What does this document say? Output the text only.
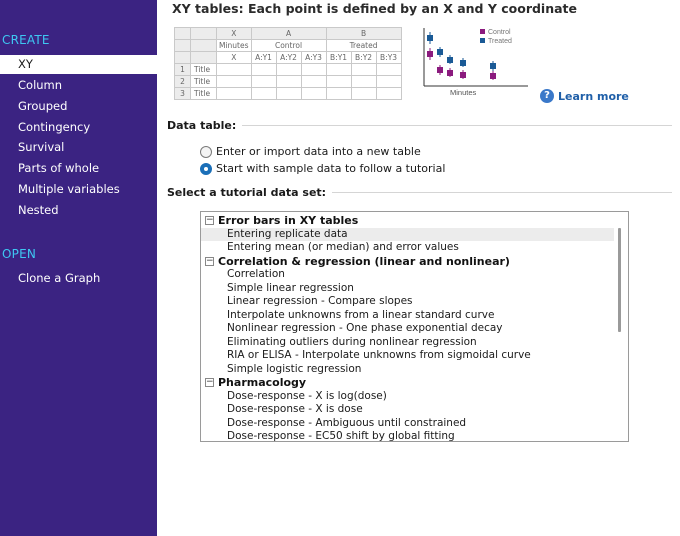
CREATE
XY
Column
Grouped
Contingency
Survival
Parts of whole
Multiple variables
Nested
OPEN
Clone a Graph
XY tables: Each point is defined by an X and Y coordinate
		X	A			B		
		Minutes	Control			Treated		
		X	A:Y1	A:Y2	A:Y3	B:Y1	B:Y2	B:Y3
1	Title							
2	Title							
3	Title							
Control
Treated
Minutes	? Learn more
Data table:
Enter or import data into a new table
Start with sample data to follow a tutorial
Select a tutorial data set:
− Error bars in XY tables
Entering replicate data
Entering mean (or median) and error values
− Correlation & regression (linear and nonlinear)
Correlation
Simple linear regression
Linear regression - Compare slopes
Interpolate unknowns from a linear standard curve
Nonlinear regression - One phase exponential decay
Eliminating outliers during nonlinear regression
RIA or ELISA - Interpolate unknowns from sigmoidal curve
Simple logistic regression
− Pharmacology
Dose-response - X is log(dose)
Dose-response - X is dose
Dose-response - Ambiguous until constrained
Dose-response - EC50 shift by global fitting
